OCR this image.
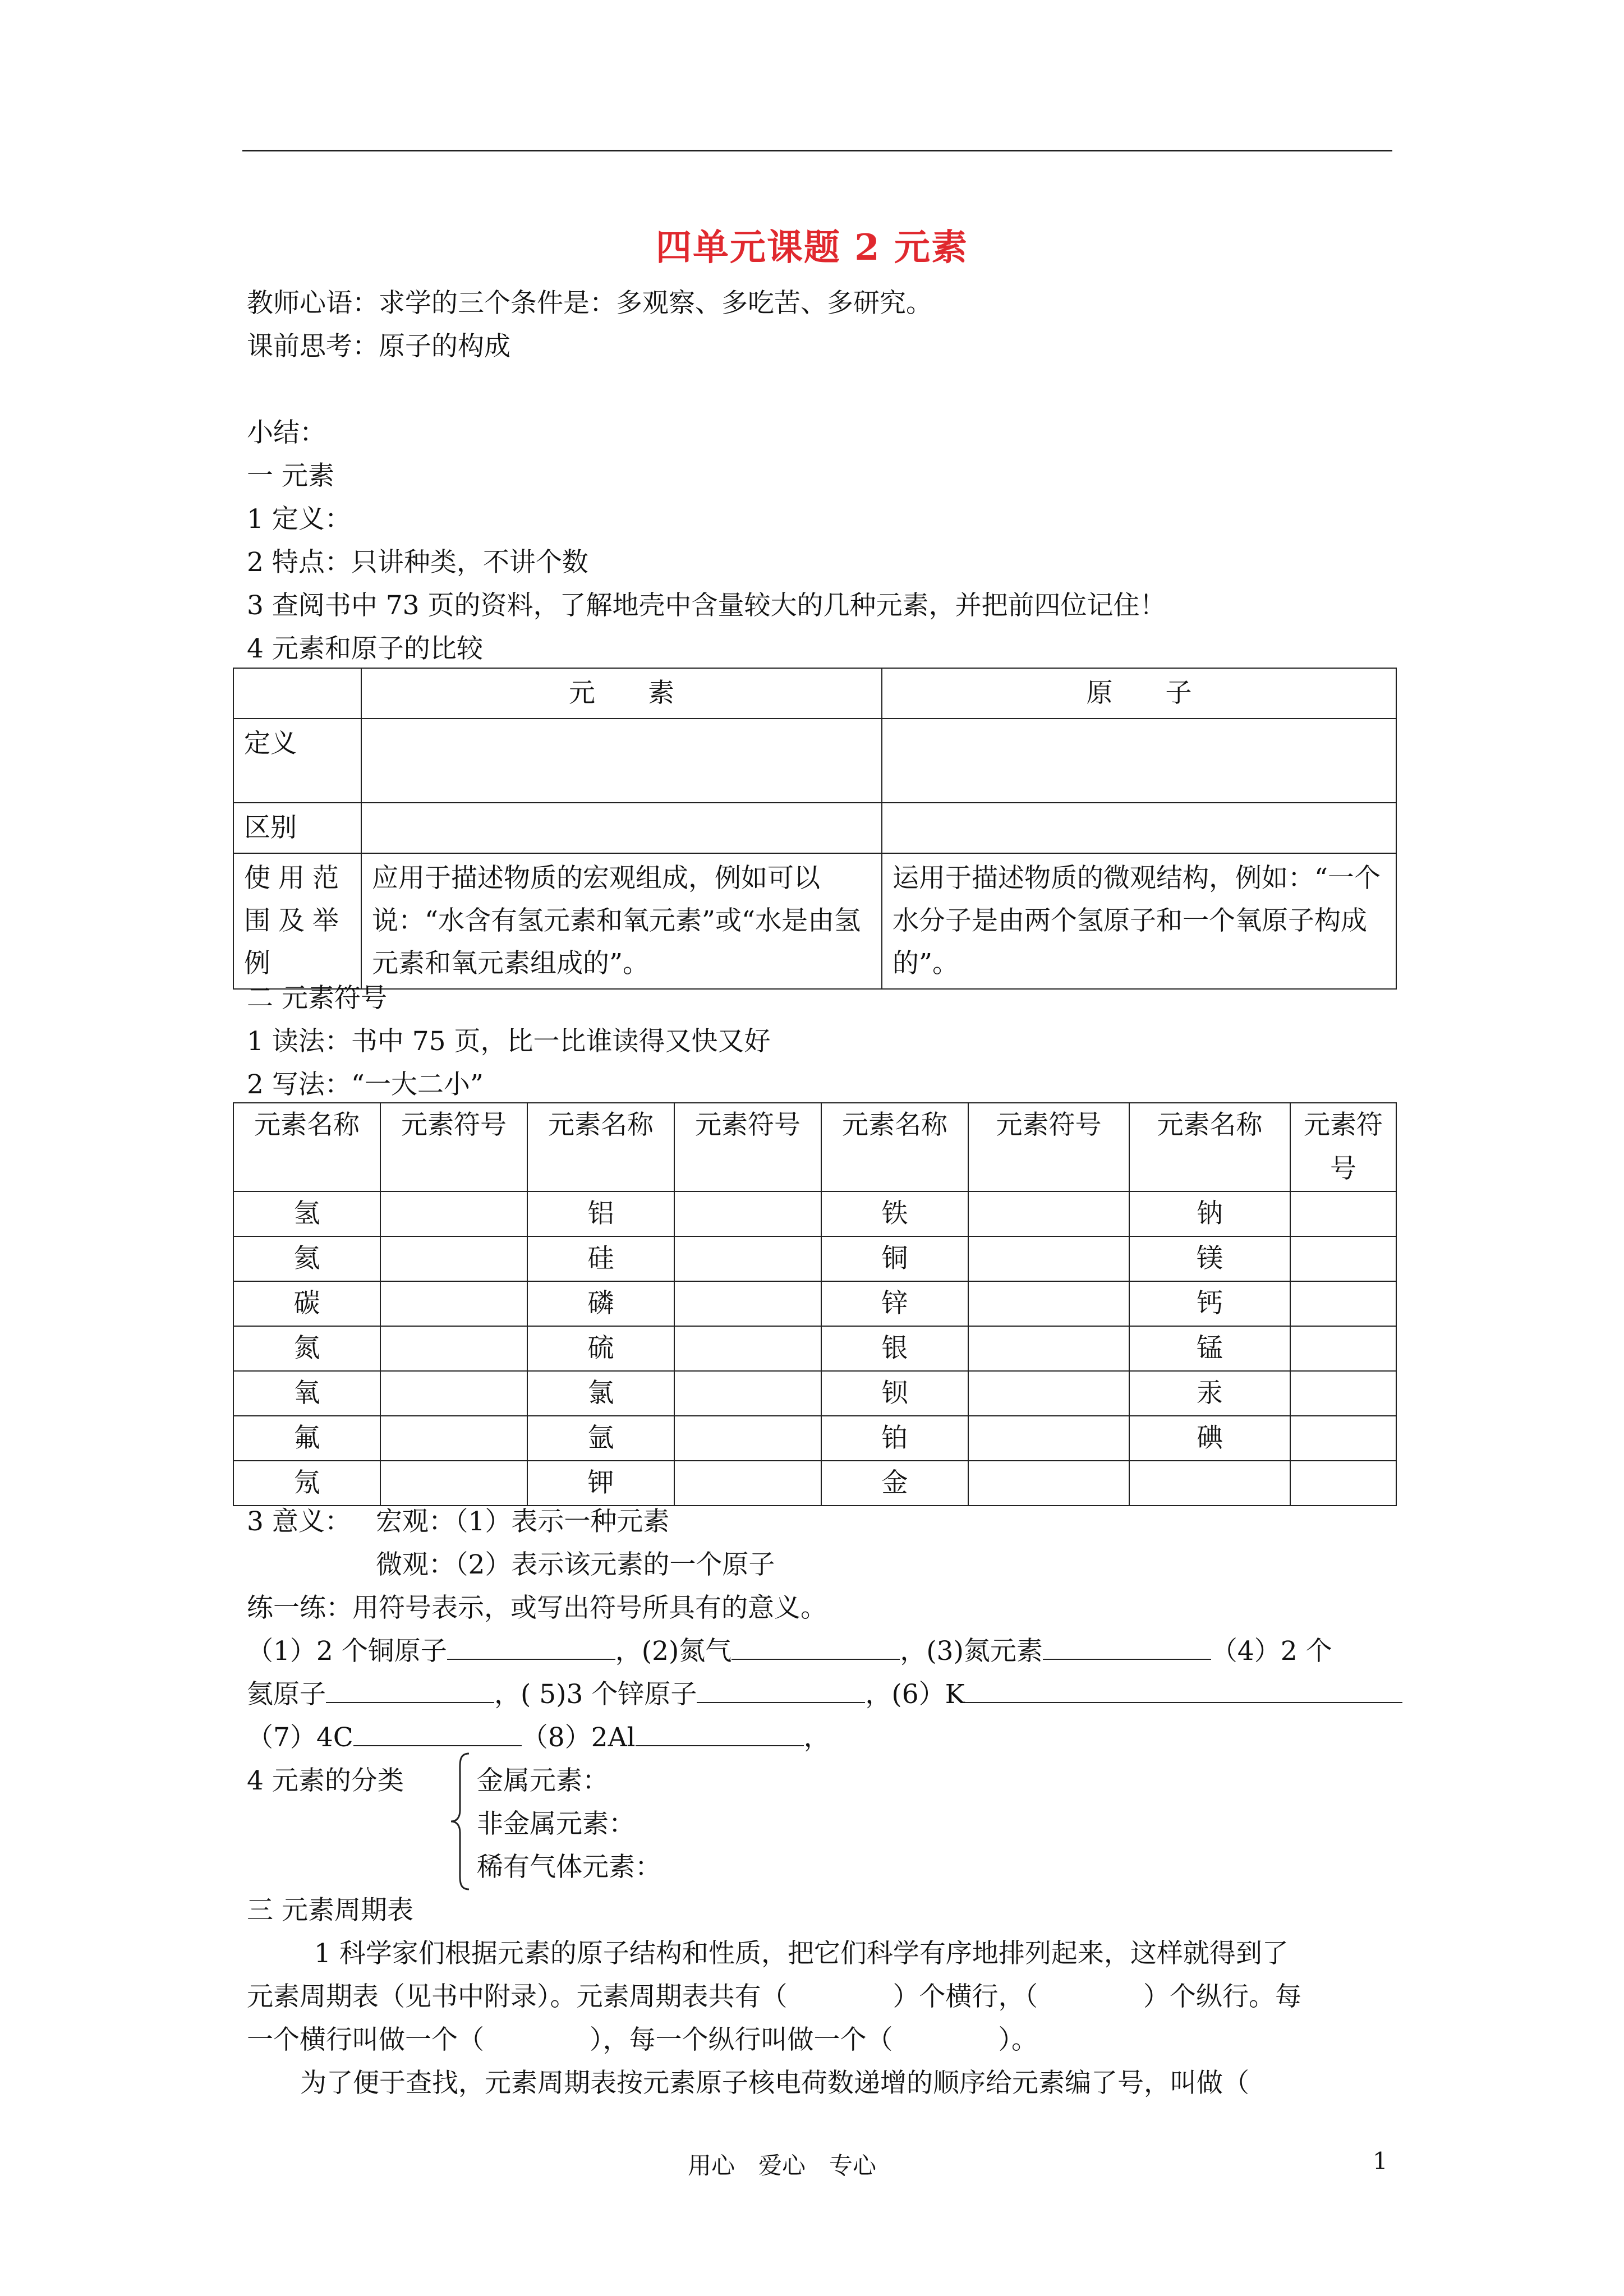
四单元课题 2 元素
教师心语：求学的三个条件是：多观察、多吃苦、多研究。
课前思考：原子的构成
小结：
一 元素
1 定义：
2 特点：只讲种类，不讲个数
3 查阅书中 73 页的资料，了解地壳中含量较大的几种元素，并把前四位记住！
4 元素和原子的比较
	元　　素	原　　子
定义		
区别		
使用范围及举例	应用于描述物质的宏观组成，例如可以说：“水含有氢元素和氧元素”或“水是由氢元素和氧元素组成的”。	运用于描述物质的微观结构，例如：“一个水分子是由两个氢原子和一个氧原子构成的”。
二 元素符号
1 读法：书中 75 页，比一比谁读得又快又好
2 写法：“一大二小”
元素名称	元素符号	元素名称	元素符号	元素名称	元素符号	元素名称	元素符号
氢		铝		铁		钠	
氦		硅		铜		镁	
碳		磷		锌		钙	
氮		硫		银		锰	
氧		氯		钡		汞	
氟		氩		铂		碘	
氖		钾		金			
3 意义： 宏观：（1）表示一种元素
微观：（2）表示该元素的一个原子
练一练：用符号表示，或写出符号所具有的意义。
（1）2 个铜原子	，(2)氮气	，(3)氮元素	（4）2 个
氦原子	，( 5)3 个锌原子	，(6）K
（7）4C	（8）2Al	，
4 元素的分类	金属元素：
非金属元素：
稀有气体元素：
三 元素周期表
1 科学家们根据元素的原子结构和性质，把它们科学有序地排列起来，这样就得到了
元素周期表（见书中附录）。元素周期表共有（　　　　）个横行，（　　　　）个纵行。每
一个横行叫做一个（　　　　），每一个纵行叫做一个（　　　　）。
为了便于查找，元素周期表按元素原子核电荷数递增的顺序给元素编了号，叫做（
用心　爱心　专心	1
